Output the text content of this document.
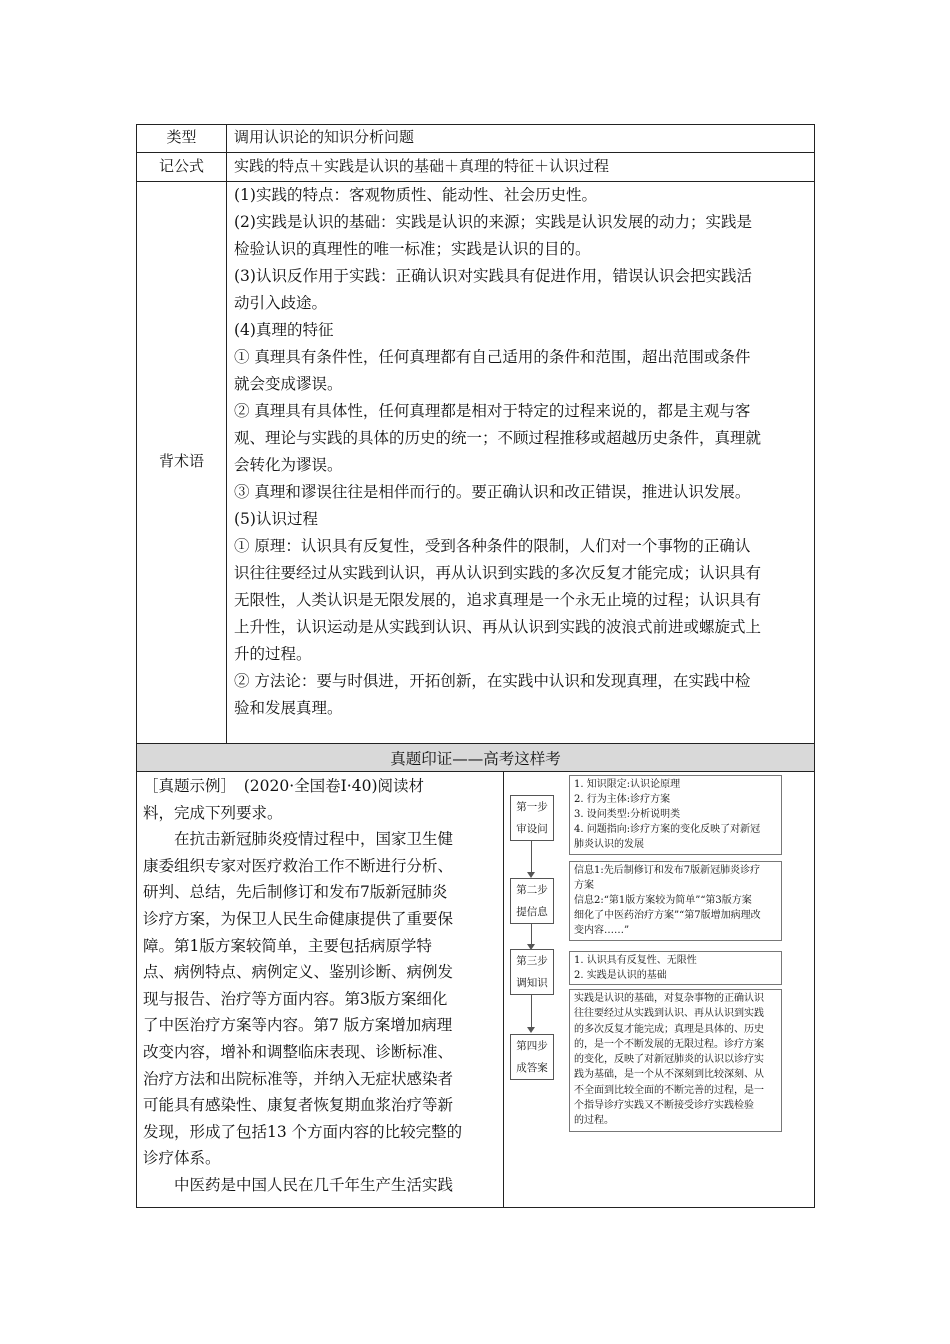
类型	调用认识论的知识分析问题
记公式	实践的特点＋实践是认识的基础＋真理的特征＋认识过程
背术语

(1)实践的特点：客观物质性、能动性、社会历史性。

(2)实践是认识的基础：实践是认识的来源；实践是认识发展的动力；实践是

检验认识的真理性的唯一标准；实践是认识的目的。

(3)认识反作用于实践：正确认识对实践具有促进作用，错误认识会把实践活

动引入歧途。

(4)真理的特征

① 真理具有条件性，任何真理都有自己适用的条件和范围，超出范围或条件

就会变成谬误。

② 真理具有具体性，任何真理都是相对于特定的过程来说的，都是主观与客

观、理论与实践的具体的历史的统一；不顾过程推移或超越历史条件，真理就

会转化为谬误。

③ 真理和谬误往往是相伴而行的。要正确认识和改正错误，推进认识发展。

(5)认识过程

① 原理：认识具有反复性，受到各种条件的限制，人们对一个事物的正确认

识往往要经过从实践到认识，再从认识到实践的多次反复才能完成；认识具有

无限性，人类认识是无限发展的，追求真理是一个永无止境的过程；认识具有

上升性，认识运动是从实践到认识、再从认识到实践的波浪式前进或螺旋式上

升的过程。

② 方法论：要与时俱进，开拓创新，在实践中认识和发现真理，在实践中检

验和发展真理。

真题印证——高考这样考

［真题示例］　(2020·全国卷Ⅰ·40)阅读材

料，完成下列要求。

　　在抗击新冠肺炎疫情过程中，国家卫生健

康委组织专家对医疗救治工作不断进行分析、

研判、总结，先后制修订和发布7版新冠肺炎

诊疗方案，为保卫人民生命健康提供了重要保

障。第1版方案较简单，主要包括病原学特

点、病例特点、病例定义、鉴别诊断、病例发

现与报告、治疗等方面内容。第3版方案细化

了中医治疗方案等内容。第7 版方案增加病理

改变内容，增补和调整临床表现、诊断标准、

治疗方法和出院标准等，并纳入无症状感染者

可能具有感染性、康复者恢复期血浆治疗等新

发现，形成了包括13 个方面内容的比较完整的

诊疗体系。

　　中医药是中国人民在几千年生产生活实践

第一步
审设问
第二步
提信息
第三步
调知识
第四步
成答案
1. 知识限定:认识论原理
2. 行为主体:诊疗方案
3. 设问类型:分析说明类
4. 问题指向:诊疗方案的变化反映了对新冠
肺炎认识的发展
信息1:先后制修订和发布7版新冠肺炎诊疗
方案
信息2:“第1版方案较为简单”“第3版方案
细化了中医药治疗方案”“第7版增加病理改
变内容……”
1. 认识具有反复性、无限性
2. 实践是认识的基础
实践是认识的基础，对复杂事物的正确认识
往往要经过从实践到认识、再从认识到实践
的多次反复才能完成；真理是具体的、历史
的，是一个不断发展的无限过程。诊疗方案
的变化，反映了对新冠肺炎的认识以诊疗实
践为基础，是一个从不深刻到比较深刻、从
不全面到比较全面的不断完善的过程，是一
个指导诊疗实践又不断接受诊疗实践检验
的过程。
